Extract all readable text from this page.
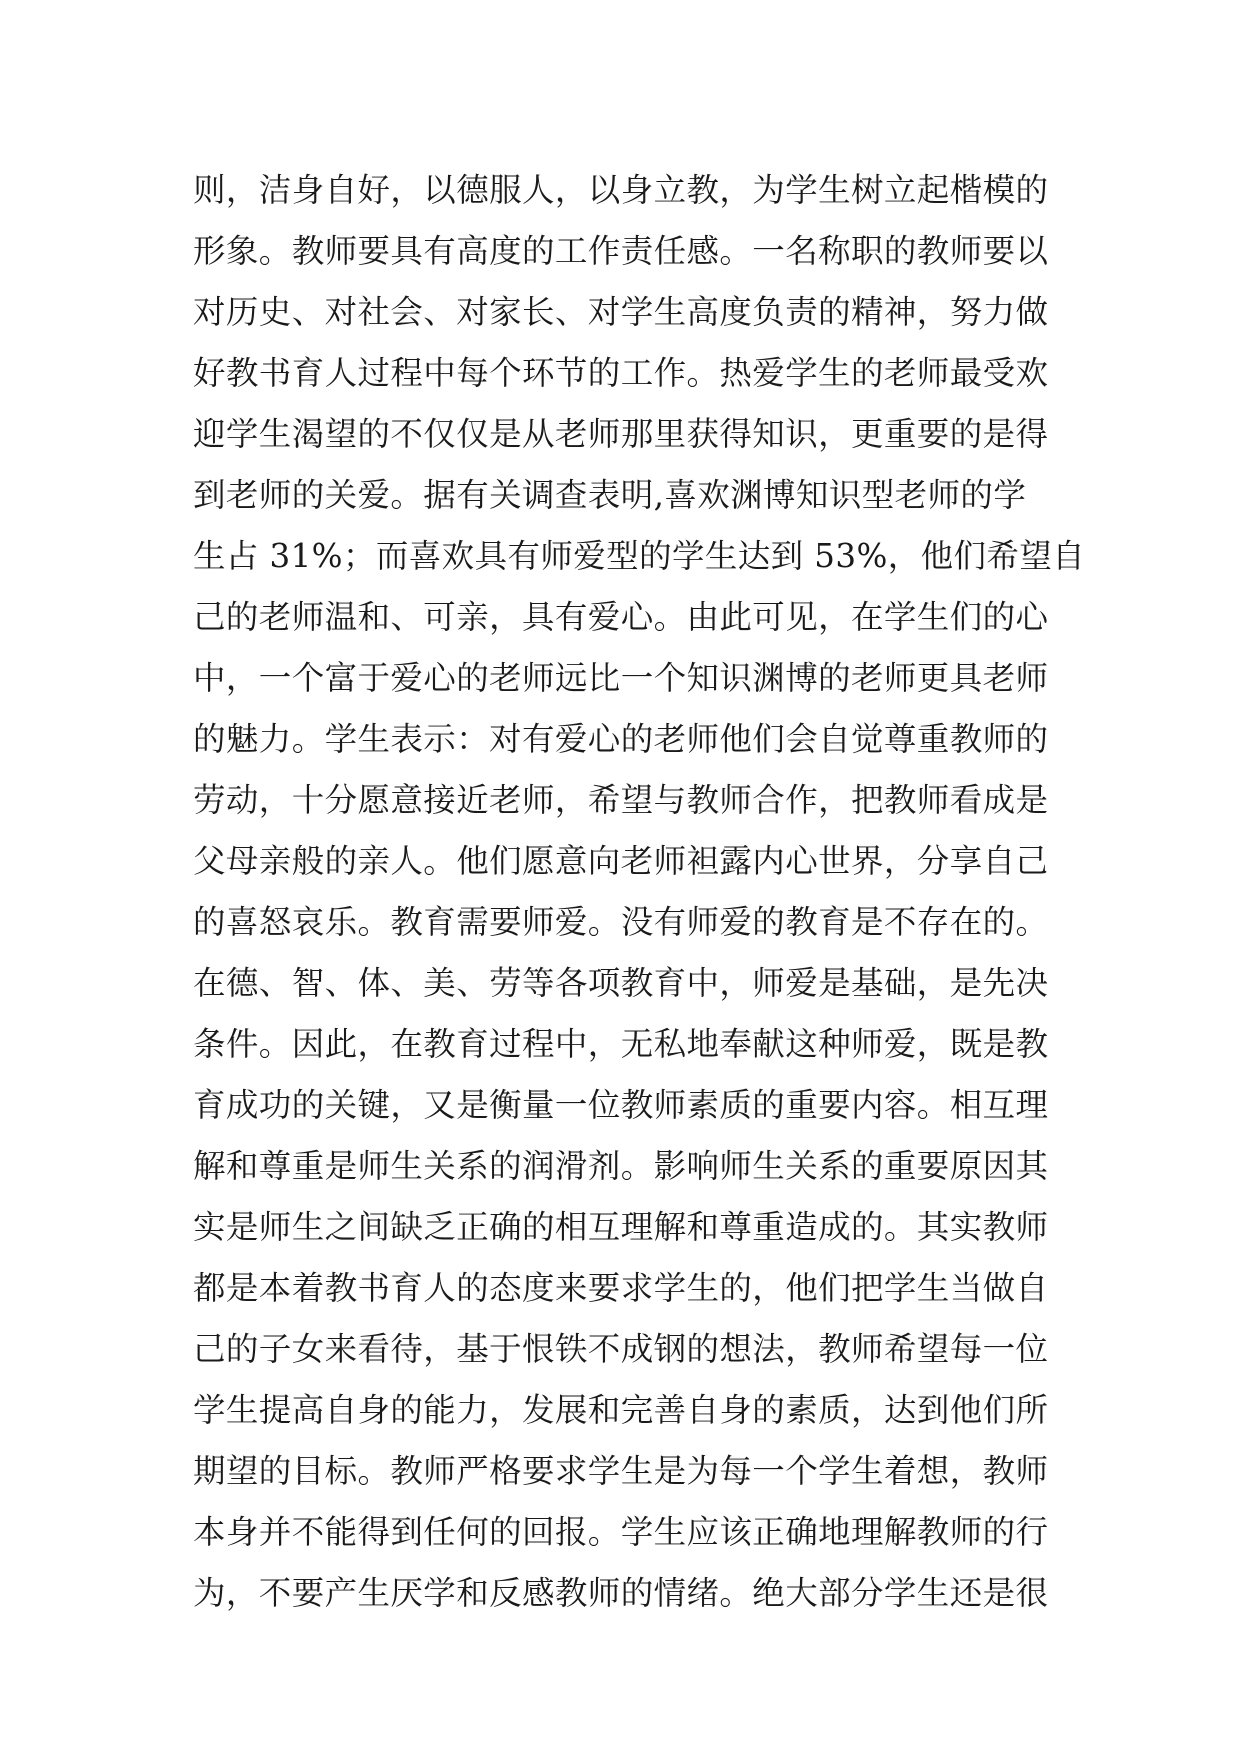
则，洁身自好，以德服人，以身立教，为学生树立起楷模的
形象。教师要具有高度的工作责任感。一名称职的教师要以
对历史、对社会、对家长、对学生高度负责的精神，努力做
好教书育人过程中每个环节的工作。热爱学生的老师最受欢
迎学生渴望的不仅仅是从老师那里获得知识，更重要的是得
到老师的关爱。据有关调查表明,喜欢渊博知识型老师的学
生占 31%；而喜欢具有师爱型的学生达到 53%，他们希望自
己的老师温和、可亲，具有爱心。由此可见，在学生们的心
中，一个富于爱心的老师远比一个知识渊博的老师更具老师
的魅力。学生表示：对有爱心的老师他们会自觉尊重教师的
劳动，十分愿意接近老师，希望与教师合作，把教师看成是
父母亲般的亲人。他们愿意向老师袒露内心世界，分享自己
的喜怒哀乐。教育需要师爱。没有师爱的教育是不存在的。
在德、智、体、美、劳等各项教育中，师爱是基础，是先决
条件。因此，在教育过程中，无私地奉献这种师爱，既是教
育成功的关键，又是衡量一位教师素质的重要内容。相互理
解和尊重是师生关系的润滑剂。影响师生关系的重要原因其
实是师生之间缺乏正确的相互理解和尊重造成的。其实教师
都是本着教书育人的态度来要求学生的，他们把学生当做自
己的子女来看待，基于恨铁不成钢的想法，教师希望每一位
学生提高自身的能力，发展和完善自身的素质，达到他们所
期望的目标。教师严格要求学生是为每一个学生着想，教师
本身并不能得到任何的回报。学生应该正确地理解教师的行
为，不要产生厌学和反感教师的情绪。绝大部分学生还是很
